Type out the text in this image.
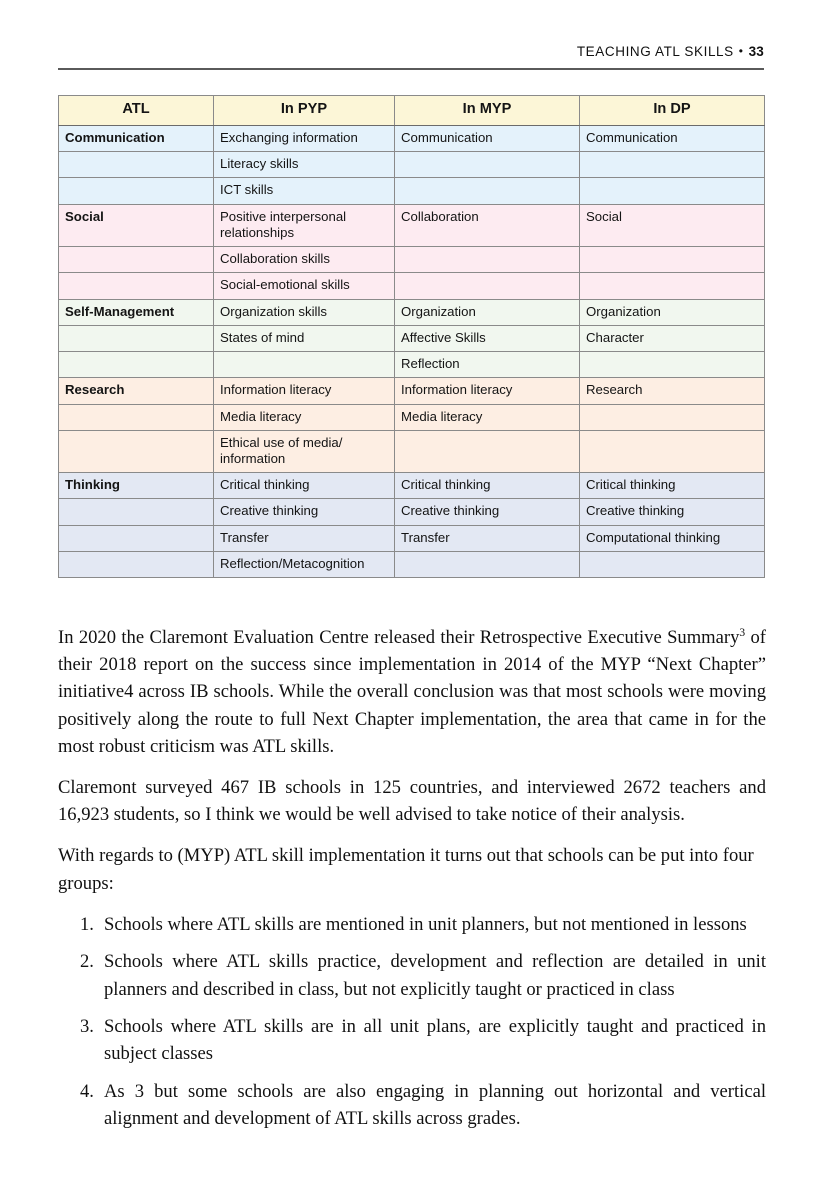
TEACHING ATL SKILLS • 33
ATL	In PYP	In MYP	In DP
Communication	Exchanging information	Communication	Communication
	Literacy skills		
	ICT skills		
Social	Positive interpersonal relationships	Collaboration	Social
	Collaboration skills		
	Social-emotional skills		
Self-Management	Organization skills	Organization	Organization
	States of mind	Affective Skills	Character
		Reflection	
Research	Information literacy	Information literacy	Research
	Media literacy	Media literacy	
	Ethical use of media/ information		
Thinking	Critical thinking	Critical thinking	Critical thinking
	Creative thinking	Creative thinking	Creative thinking
	Transfer	Transfer	Computational thinking
	Reflection/Metacognition		

In 2020 the Claremont Evaluation Centre released their Retrospective Executive Summary$^3$ of their 2018 report on the success since implementation in 2014 of the MYP “Next Chapter” initiative4 across IB schools. While the overall conclusion was that most schools were moving positively along the route to full Next Chapter implementation, the area that came in for the most robust criticism was ATL skills.

Claremont surveyed 467 IB schools in 125 countries, and interviewed 2672 teachers and 16,923 students, so I think we would be well advised to take notice of their analysis.

With regards to (MYP) ATL skill implementation it turns out that schools can be put into four groups:

Schools where ATL skills are mentioned in unit planners, but not mentioned in lessons
Schools where ATL skills practice, development and reflection are detailed in unit planners and described in class, but not explicitly taught or practiced in class
Schools where ATL skills are in all unit plans, are explicitly taught and practiced in subject classes
As 3 but some schools are also engaging in planning out horizontal and vertical alignment and development of ATL skills across grades.
